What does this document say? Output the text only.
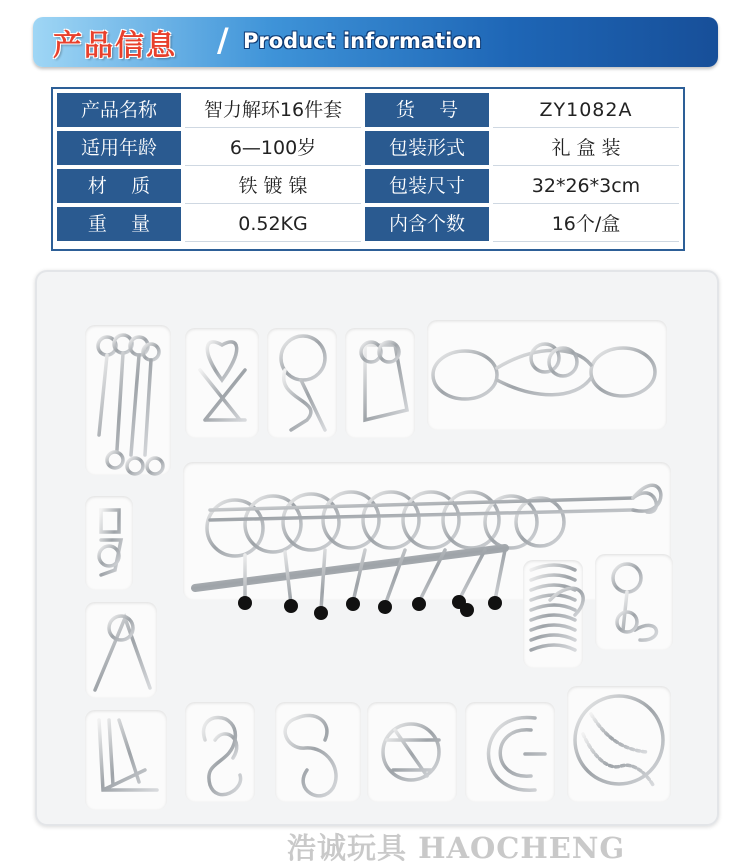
产品信息 / Product information
产品名称	智力解环16件套	货    号	ZY1082A
适用年龄	6—100岁	包装形式	礼 盒 装
材    质	铁 镀 镍	包装尺寸	32*26*3cm
重    量	0.52KG	内含个数	16个/盒
浩诚玩具 HAOCHENG
